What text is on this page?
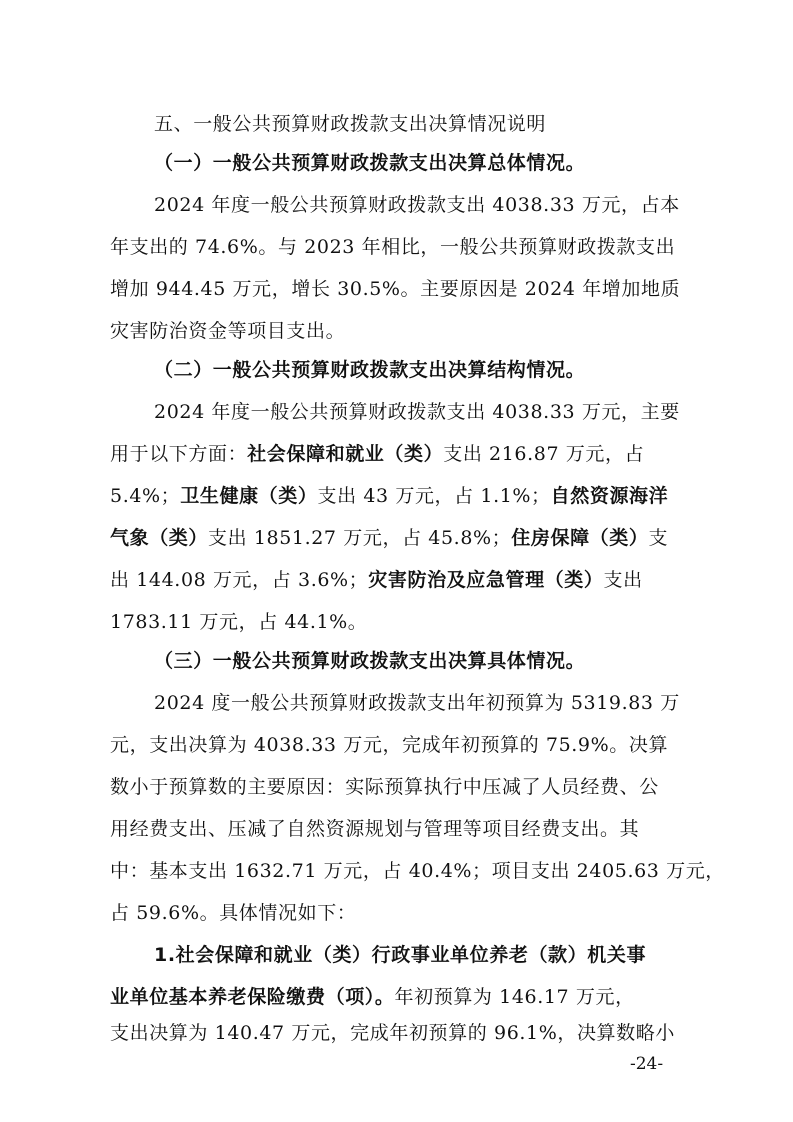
五、一般公共预算财政拨款支出决算情况说明
（一）一般公共预算财政拨款支出决算总体情况。
2024 年度一般公共预算财政拨款支出 4038.33 万元，占本
年支出的 74.6%。与 2023 年相比，一般公共预算财政拨款支出
增加 944.45 万元，增长 30.5%。主要原因是 2024 年增加地质
灾害防治资金等项目支出。
（二）一般公共预算财政拨款支出决算结构情况。
2024 年度一般公共预算财政拨款支出 4038.33 万元，主要
用于以下方面：社会保障和就业（类）支出 216.87 万元，占
5.4%；卫生健康（类）支出 43 万元，占 1.1%；自然资源海洋
气象（类）支出 1851.27 万元，占 45.8%；住房保障（类）支
出 144.08 万元，占 3.6%；灾害防治及应急管理（类）支出
1783.11 万元，占 44.1%。
（三）一般公共预算财政拨款支出决算具体情况。
2024 度一般公共预算财政拨款支出年初预算为 5319.83 万
元，支出决算为 4038.33 万元，完成年初预算的 75.9%。决算
数小于预算数的主要原因：实际预算执行中压减了人员经费、公
用经费支出、压减了自然资源规划与管理等项目经费支出。其
中：基本支出 1632.71 万元，占 40.4%；项目支出 2405.63 万元，
占 59.6%。具体情况如下：
1.社会保障和就业（类）行政事业单位养老（款）机关事
业单位基本养老保险缴费（项）。年初预算为 146.17 万元，
-24-
支出决算为 140.47 万元，完成年初预算的 96.1%，决算数略小
